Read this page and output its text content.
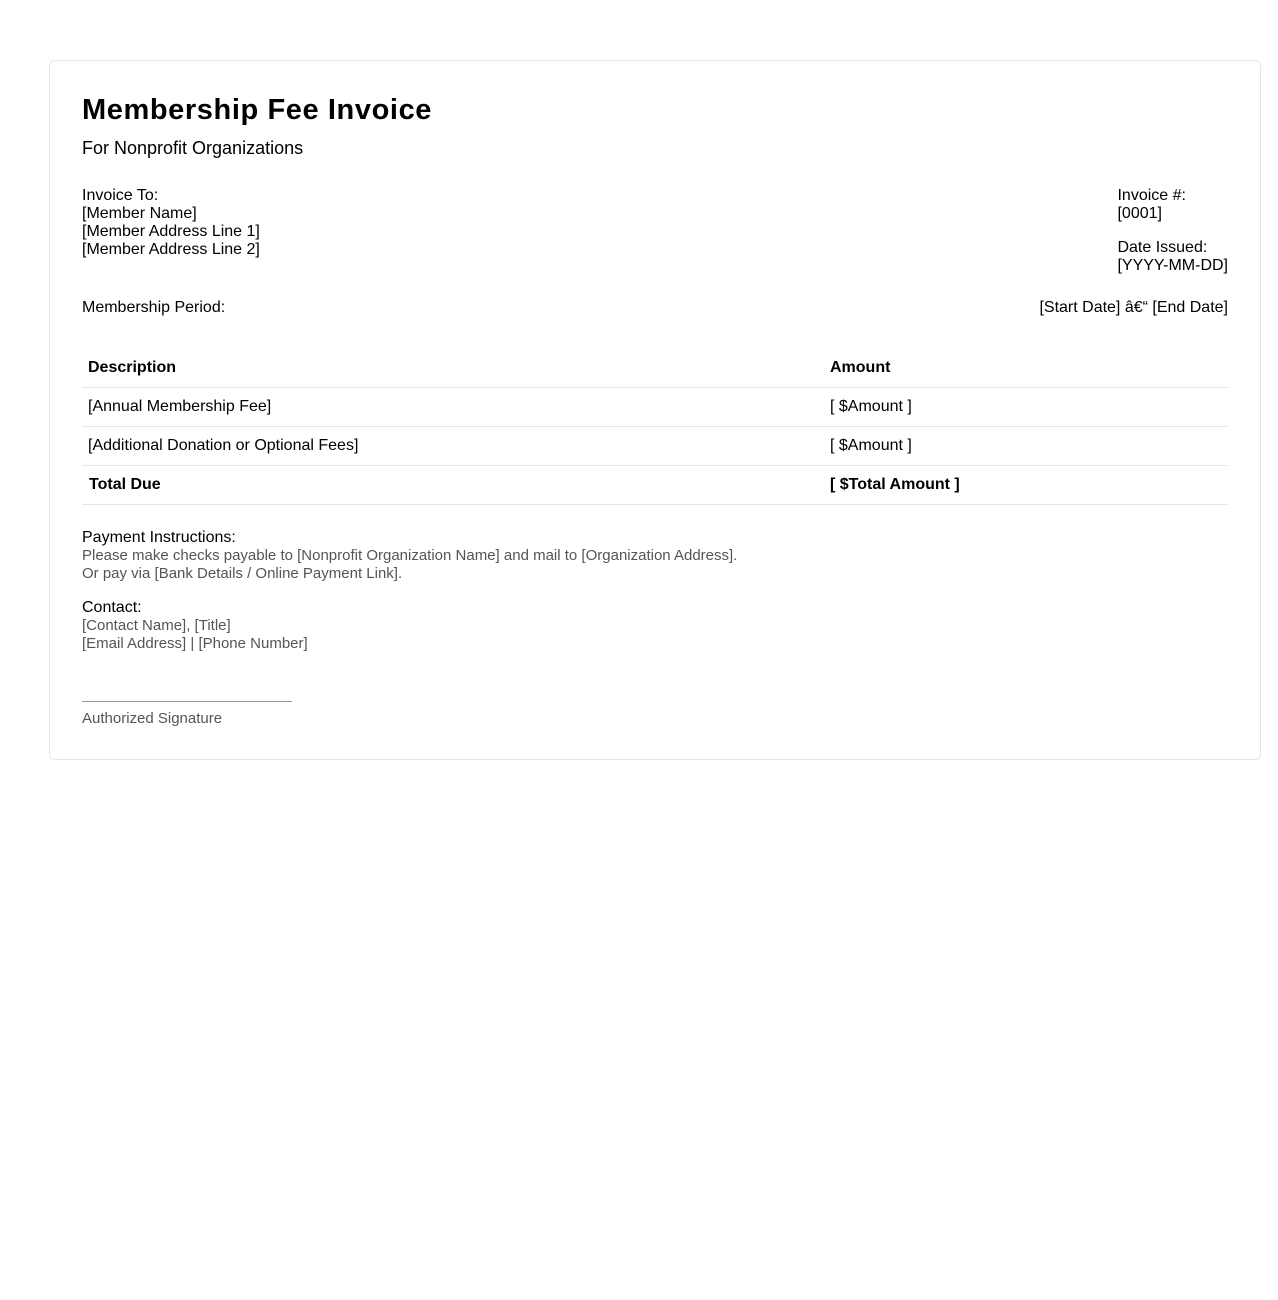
Membership Fee Invoice
For Nonprofit Organizations
Invoice To:
[Member Name]
[Member Address Line 1]
[Member Address Line 2]
Invoice #:
[0001]
Date Issued:
[YYYY-MM-DD]
Membership Period:	[Start Date] â€“ [End Date]
Description	Amount
[Annual Membership Fee]	[ $Amount ]
[Additional Donation or Optional Fees]	[ $Amount ]
Total Due	[ $Total Amount ]
Payment Instructions:
Please make checks payable to [Nonprofit Organization Name] and mail to [Organization Address].
Or pay via [Bank Details / Online Payment Link].
Contact:
[Contact Name], [Title]
[Email Address] | [Phone Number]
Authorized Signature
